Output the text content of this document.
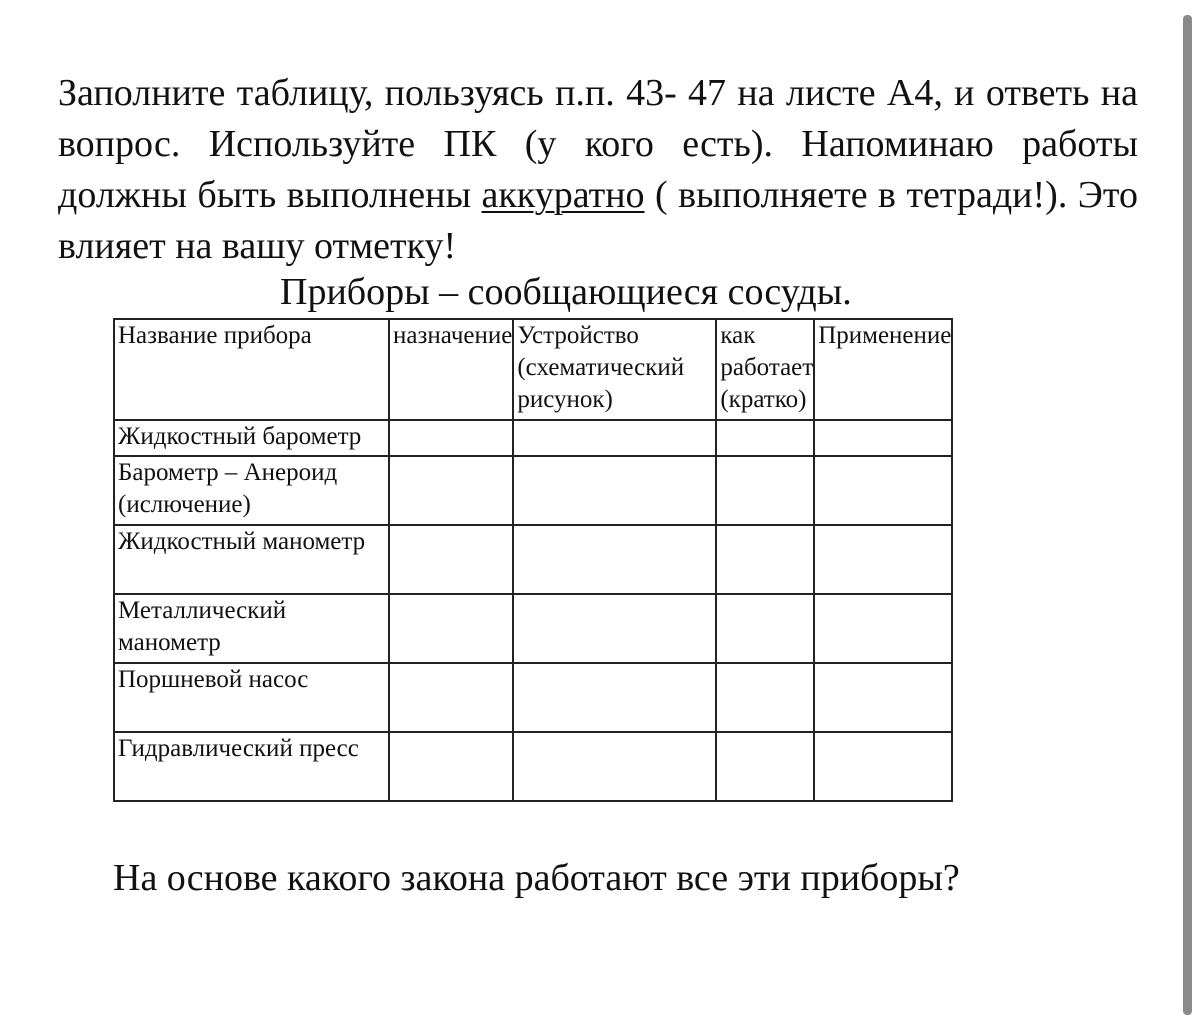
Заполните таблицу, пользуясь п.п. 43- 47 на листе А4, и ответь на вопрос. Используйте ПК (у кого есть). Напоминаю работы должны быть выполнены аккуратно ( выполняете в тетради!). Это влияет на вашу отметку!

Приборы – сообщающиеся сосуды.

Название прибора	назначение	Устройство (схематический рисунок)	как работает (кратко)	Применение
Жидкостный барометр				

Барометр – Анероид (ислючение)				

Жидкостный манометр				
Металлический манометр				
Поршневой насос				
Гидравлический пресс				

На основе какого закона работают все эти приборы?
